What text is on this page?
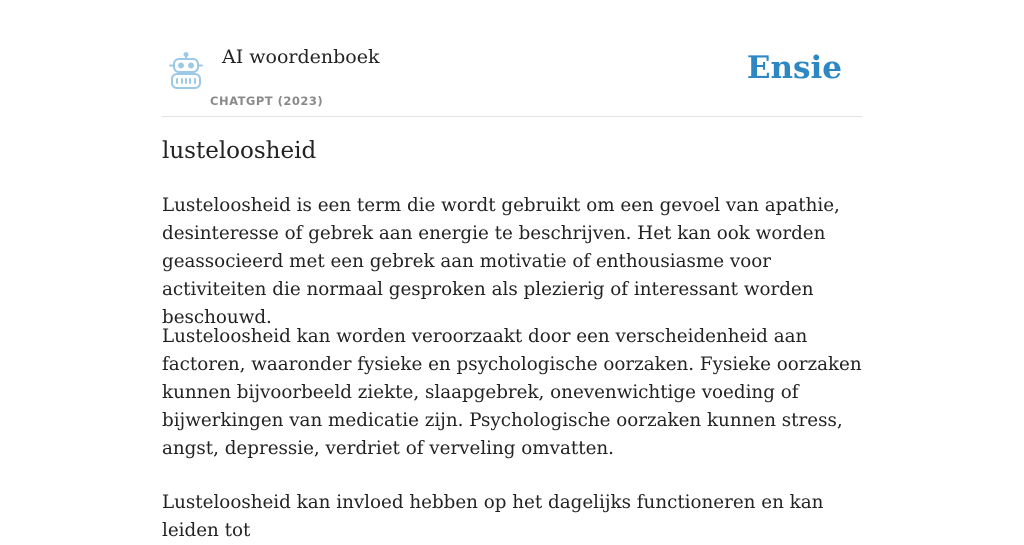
AI woordenboek
CHATGPT (2023)
Ensie
lusteloosheid

Lusteloosheid is een term die wordt gebruikt om een gevoel van apathie, desinteresse of gebrek aan energie te beschrijven. Het kan ook worden geassocieerd met een gebrek aan motivatie of enthousiasme voor activiteiten die normaal gesproken als plezierig of interessant worden beschouwd.

Lusteloosheid kan worden veroorzaakt door een verscheidenheid aan factoren, waaronder fysieke en psychologische oorzaken. Fysieke oorzaken kunnen bijvoorbeeld ziekte, slaapgebrek, onevenwichtige voeding of bijwerkingen van medicatie zijn. Psychologische oorzaken kunnen stress, angst, depressie, verdriet of verveling omvatten.

Lusteloosheid kan invloed hebben op het dagelijks functioneren en kan leiden tot
